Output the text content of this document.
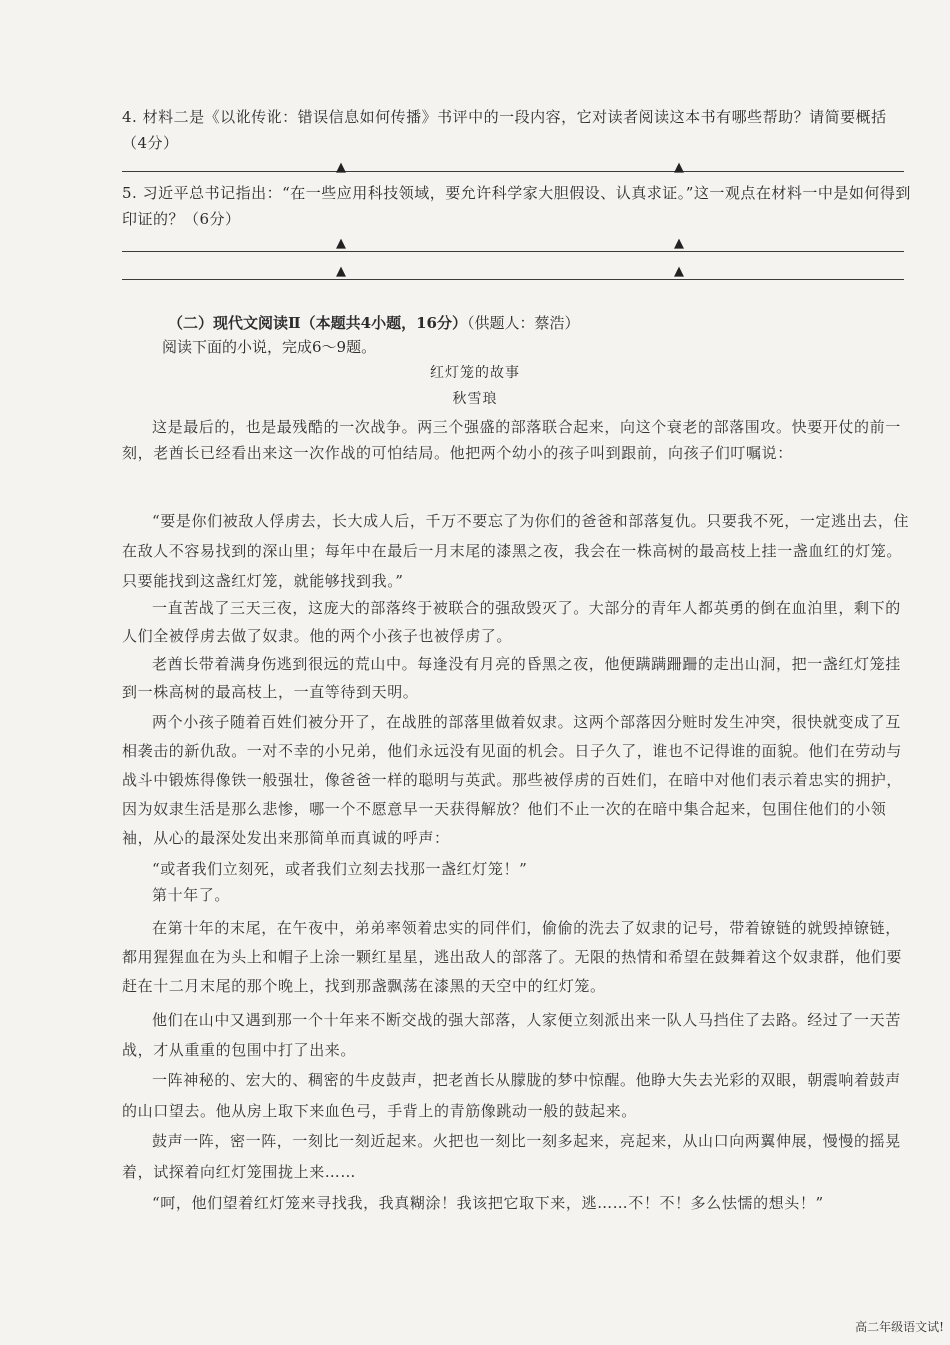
4. 材料二是《以讹传讹：错误信息如何传播》书评中的一段内容，它对读者阅读这本书有哪些帮助？请简要概括（4分）
▲	▲
5. 习近平总书记指出：“在一些应用科技领域，要允许科学家大胆假设、认真求证。”这一观点在材料一中是如何得到印证的？（6分）
▲	▲
▲	▲
（二）现代文阅读Ⅱ（本题共4小题，16分）（供题人：蔡浩）
阅读下面的小说，完成6～9题。
红灯笼的故事
秋雪琅
这是最后的，也是最残酷的一次战争。两三个强盛的部落联合起来，向这个衰老的部落围攻。快要开仗的前一刻，老酋长已经看出来这一次作战的可怕结局。他把两个幼小的孩子叫到跟前，向孩子们叮嘱说：
“要是你们被敌人俘虏去，长大成人后，千万不要忘了为你们的爸爸和部落复仇。只要我不死，一定逃出去，住在敌人不容易找到的深山里；每年中在最后一月末尾的漆黑之夜，我会在一株高树的最高枝上挂一盏血红的灯笼。只要能找到这盏红灯笼，就能够找到我。”
一直苦战了三天三夜，这庞大的部落终于被联合的强敌毁灭了。大部分的青年人都英勇的倒在血泊里，剩下的人们全被俘虏去做了奴隶。他的两个小孩子也被俘虏了。
老酋长带着满身伤逃到很远的荒山中。每逢没有月亮的昏黑之夜，他便蹒蹒跚跚的走出山洞，把一盏红灯笼挂到一株高树的最高枝上，一直等待到天明。
两个小孩子随着百姓们被分开了，在战胜的部落里做着奴隶。这两个部落因分赃时发生冲突，很快就变成了互相袭击的新仇敌。一对不幸的小兄弟，他们永远没有见面的机会。日子久了，谁也不记得谁的面貌。他们在劳动与战斗中锻炼得像铁一般强壮，像爸爸一样的聪明与英武。那些被俘虏的百姓们，在暗中对他们表示着忠实的拥护，因为奴隶生活是那么悲惨，哪一个不愿意早一天获得解放？他们不止一次的在暗中集合起来，包围住他们的小领袖，从心的最深处发出来那简单而真诚的呼声：
“或者我们立刻死，或者我们立刻去找那一盏红灯笼！”
第十年了。
在第十年的末尾，在午夜中，弟弟率领着忠实的同伴们，偷偷的洗去了奴隶的记号，带着镣链的就毁掉镣链，都用猩猩血在为头上和帽子上涂一颗红星星，逃出敌人的部落了。无限的热情和希望在鼓舞着这个奴隶群，他们要赶在十二月末尾的那个晚上，找到那盏飘荡在漆黑的天空中的红灯笼。
他们在山中又遇到那一个十年来不断交战的强大部落，人家便立刻派出来一队人马挡住了去路。经过了一天苦战，才从重重的包围中打了出来。
一阵神秘的、宏大的、稠密的牛皮鼓声，把老酋长从朦胧的梦中惊醒。他睁大失去光彩的双眼，朝震响着鼓声的山口望去。他从房上取下来血色弓，手背上的青筋像跳动一般的鼓起来。
鼓声一阵，密一阵，一刻比一刻近起来。火把也一刻比一刻多起来，亮起来，从山口向两翼伸展，慢慢的摇晃着，试探着向红灯笼围拢上来……
“呵，他们望着红灯笼来寻找我，我真糊涂！我该把它取下来，逃……不！不！多么怯懦的想头！”
高二年级语文试!
